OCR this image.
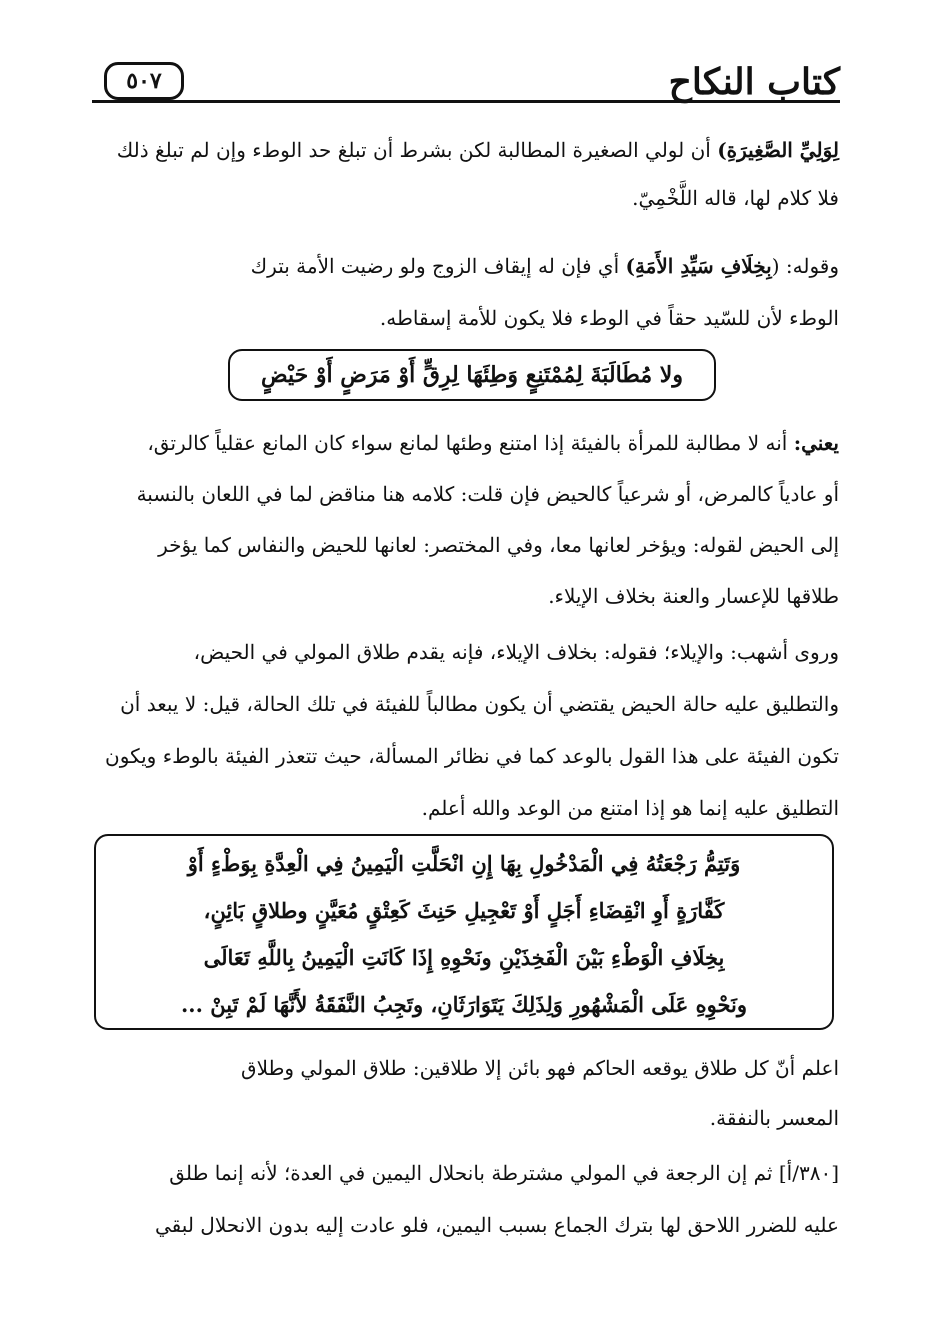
كتاب النكاح
٥٠٧

لِوَلِيِّ الصَّغِيرَةِ) أن لولي الصغيرة المطالبة لكن بشرط أن تبلغ حد الوطء وإن لم تبلغ ذلك

فلا كلام لها، قاله اللَّخْمِيّ.

وقوله: (بِخِلَافِ سَيِّدِ الأَمَةِ) أي فإن له إيقاف الزوج ولو رضيت الأمة بترك

الوطء لأن للسّيد حقاً في الوطء فلا يكون للأمة إسقاطه.

ولا مُطَالَبَةَ لِمُمْتَنِعٍ وَطِئَهَا لِرِقٍّ أَوْ مَرَضٍ أَوْ حَيْضٍ

يعني: أنه لا مطالبة للمرأة بالفيئة إذا امتنع وطئها لمانع سواء كان المانع عقلياً كالرتق،

أو عادياً كالمرض، أو شرعياً كالحيض فإن قلت: كلامه هنا مناقض لما في اللعان بالنسبة

إلى الحيض لقوله: ويؤخر لعانها معا، وفي المختصر: لعانها للحيض والنفاس كما يؤخر

طلاقها للإعسار والعنة بخلاف الإيلاء.

وروى أشهب: والإيلاء؛ فقوله: بخلاف الإيلاء، فإنه يقدم طلاق المولي في الحيض،

والتطليق عليه حالة الحيض يقتضي أن يكون مطالباً للفيئة في تلك الحالة، قيل: لا يبعد أن

تكون الفيئة على هذا القول بالوعد كما في نظائر المسألة، حيث تتعذر الفيئة بالوطء ويكون

التطليق عليه إنما هو إذا امتنع من الوعد والله أعلم.

وَتَتِمُّ رَجْعَتُهُ فِي الْمَدْخُولِ بِهَا إِنِ انْحَلَّتِ الْيَمِينُ فِي الْعِدَّةِ بِوَطْءٍ أَوْ
كَفَّارَةٍ أَوِ انْقِضَاءِ أَجَلٍ أَوْ تَعْجِيلِ حَنِثَ كَعِتْقٍ مُعَيَّنٍ وطلاقٍ بَائِنٍ،
بِخِلَافِ الْوَطْءِ بَيْنَ الْفَخِذَيْنِ ونَحْوِهِ إِذَا كَانَتِ الْيَمِينُ بِاللَّهِ تَعَالَى
ونَحْوِهِ عَلَى الْمَشْهُورِ وَلِذَلِكَ يَتَوَارَثَانِ، وتَجِبُ النَّفَقَةُ لأَنَّهَا لَمْ تَبِنْ ...

اعلم أنّ كل طلاق يوقعه الحاكم فهو بائن إلا طلاقين: طلاق المولي وطلاق

المعسر بالنفقة.

[٣٨٠/أ] ثم إن الرجعة في المولي مشترطة بانحلال اليمين في العدة؛ لأنه إنما طلق

عليه للضرر اللاحق لها بترك الجماع بسبب اليمين، فلو عادت إليه بدون الانحلال لبقي
